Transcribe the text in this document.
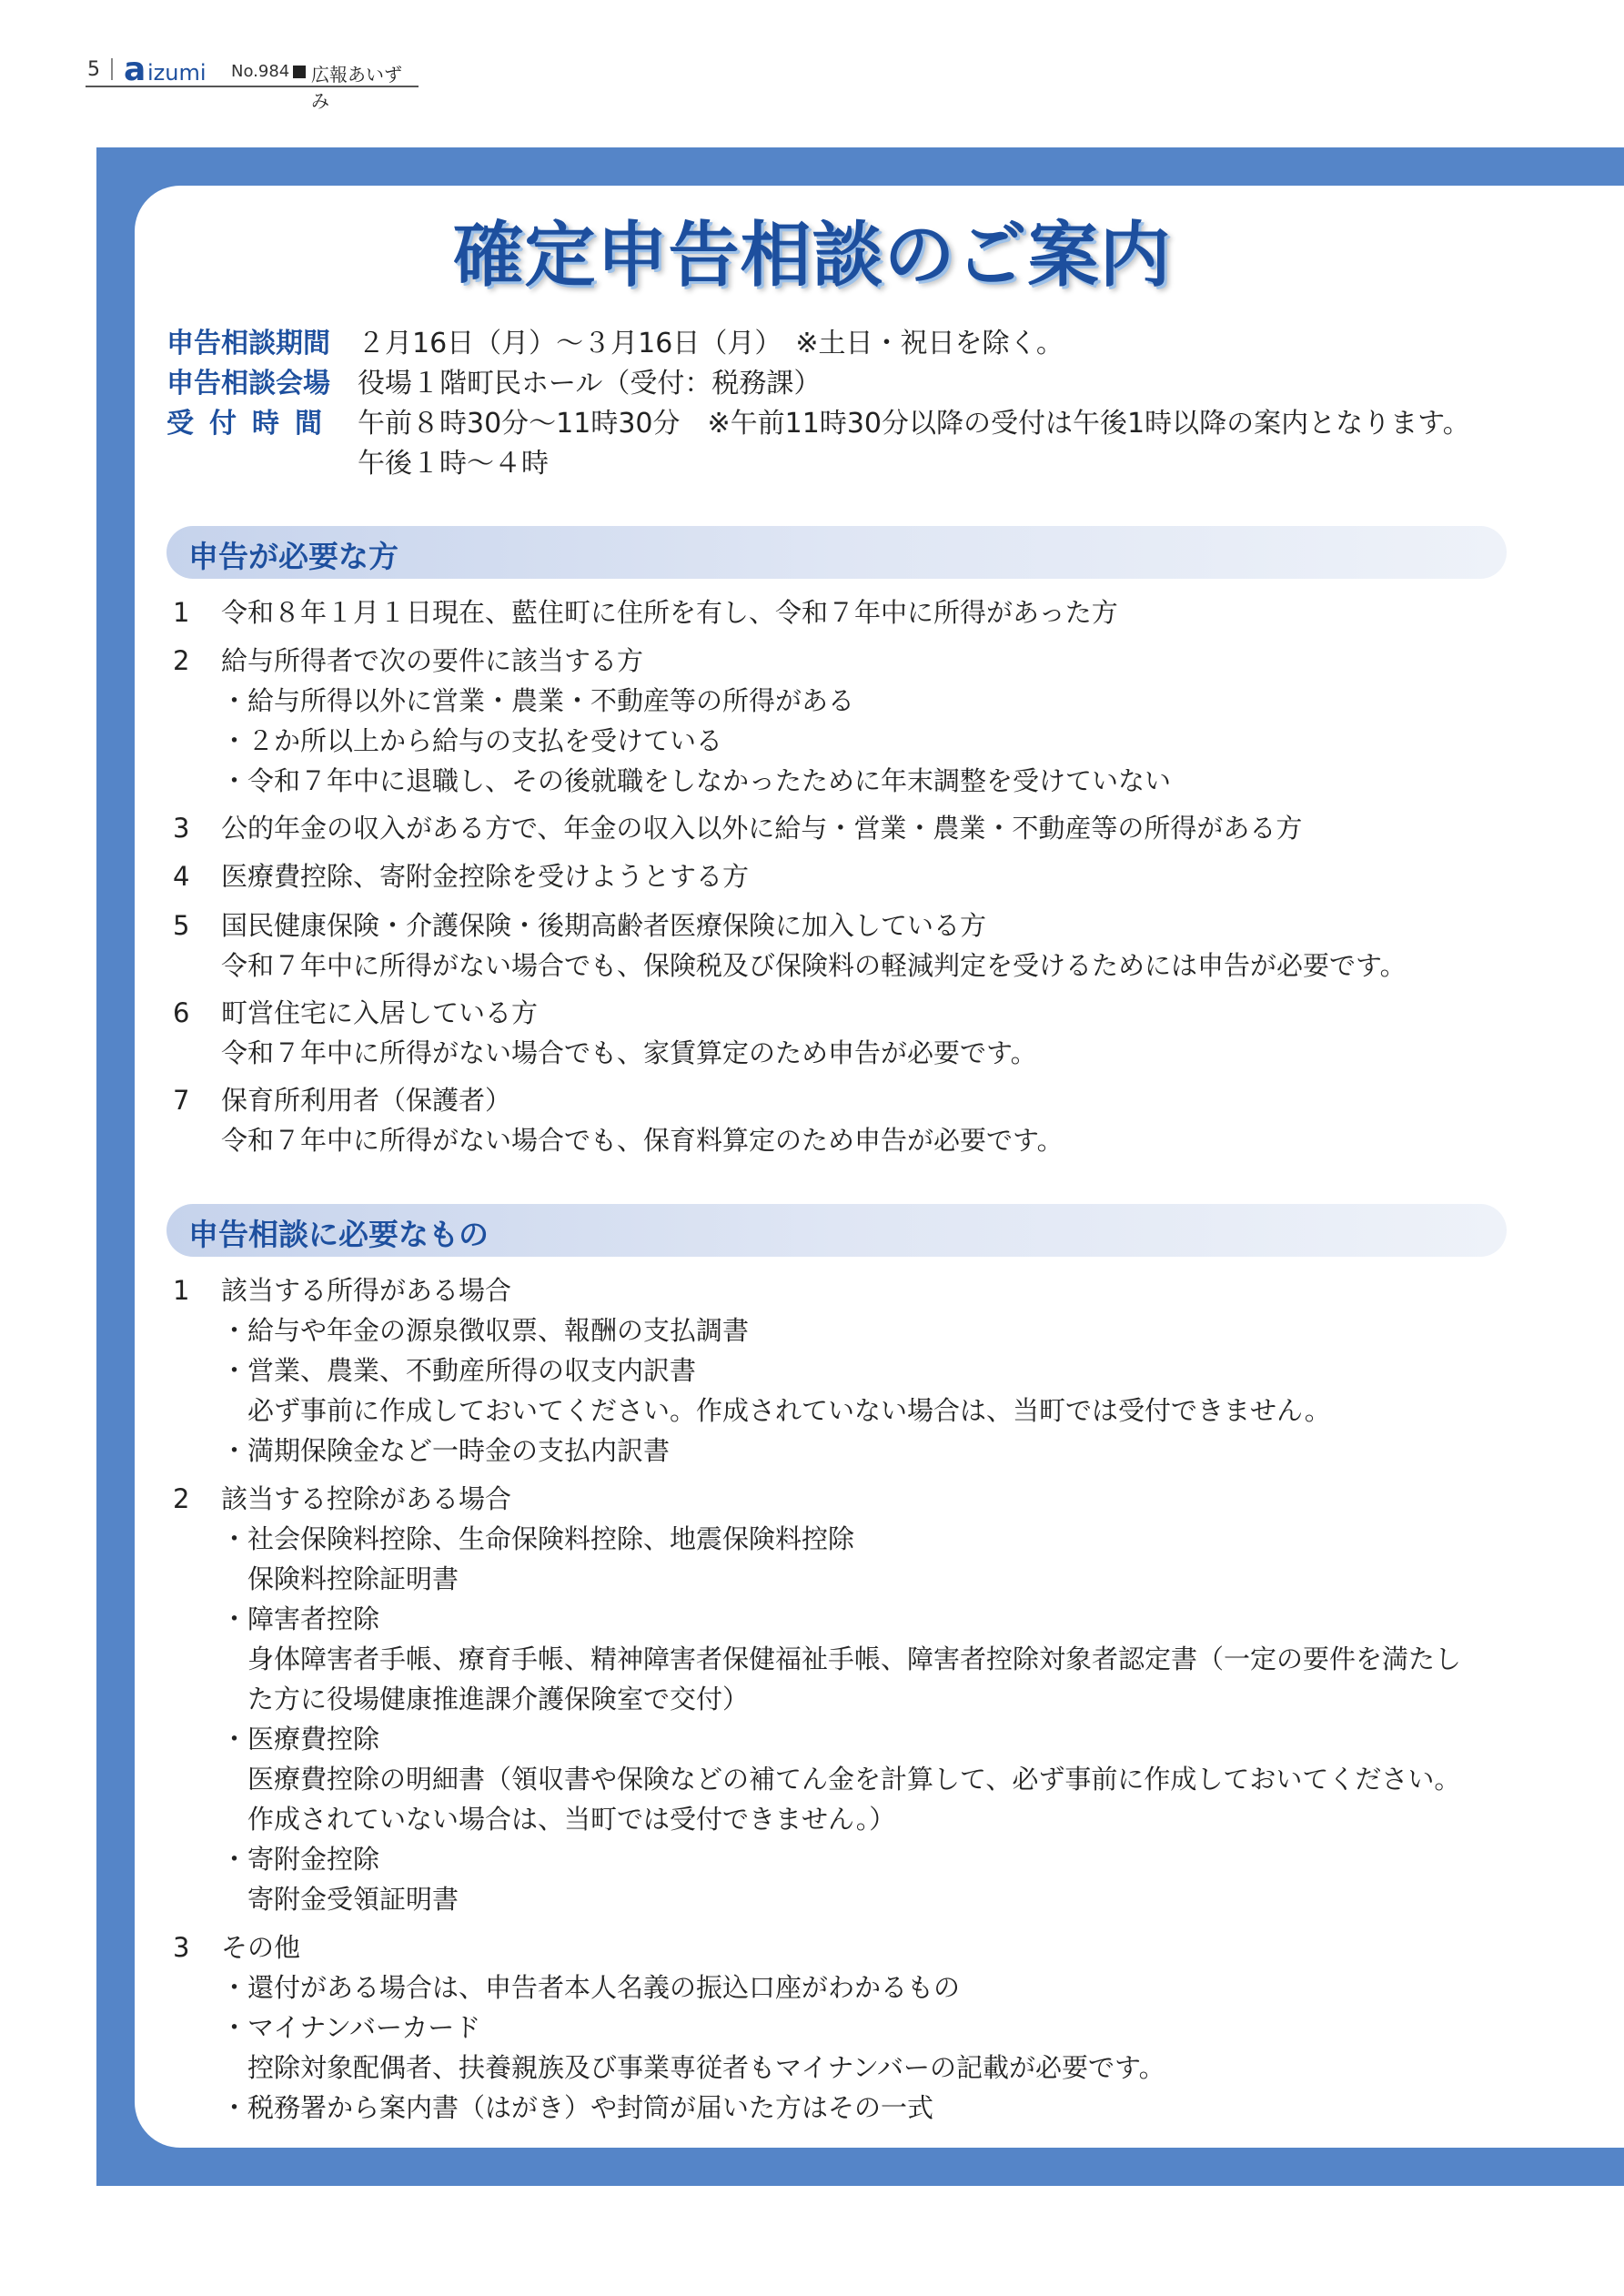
5 a izumi No.984 広報あいずみ
確定申告相談のご案内
申告相談期間	２月16日（月）～３月16日（月）　※土日・祝日を除く。
申告相談会場	役場１階町民ホール（受付：税務課）
受付時間 午前８時30分～11時30分　※午前11時30分以降の受付は午後1時以降の案内となります。
午後１時～４時
申告が必要な方
1 令和８年１月１日現在、藍住町に住所を有し、令和７年中に所得があった方
2 給与所得者で次の要件に該当する方
・給与所得以外に営業・農業・不動産等の所得がある
・２か所以上から給与の支払を受けている
・令和７年中に退職し、その後就職をしなかったために年末調整を受けていない
3 公的年金の収入がある方で、年金の収入以外に給与・営業・農業・不動産等の所得がある方
4 医療費控除、寄附金控除を受けようとする方
5 国民健康保険・介護保険・後期高齢者医療保険に加入している方
令和７年中に所得がない場合でも、保険税及び保険料の軽減判定を受けるためには申告が必要です。
6 町営住宅に入居している方
令和７年中に所得がない場合でも、家賃算定のため申告が必要です。
7 保育所利用者（保護者）
令和７年中に所得がない場合でも、保育料算定のため申告が必要です。
申告相談に必要なもの
1 該当する所得がある場合
・給与や年金の源泉徴収票、報酬の支払調書
・営業、農業、不動産所得の収支内訳書
必ず事前に作成しておいてください。作成されていない場合は、当町では受付できません。
・満期保険金など一時金の支払内訳書
2 該当する控除がある場合
・社会保険料控除、生命保険料控除、地震保険料控除
保険料控除証明書
・障害者控除
身体障害者手帳、療育手帳、精神障害者保健福祉手帳、障害者控除対象者認定書（一定の要件を満たし
た方に役場健康推進課介護保険室で交付）
・医療費控除
医療費控除の明細書（領収書や保険などの補てん金を計算して、必ず事前に作成しておいてください。
作成されていない場合は、当町では受付できません。）
・寄附金控除
寄附金受領証明書
3 その他
・還付がある場合は、申告者本人名義の振込口座がわかるもの
・マイナンバーカード
控除対象配偶者、扶養親族及び事業専従者もマイナンバーの記載が必要です。
・税務署から案内書（はがき）や封筒が届いた方はその一式
